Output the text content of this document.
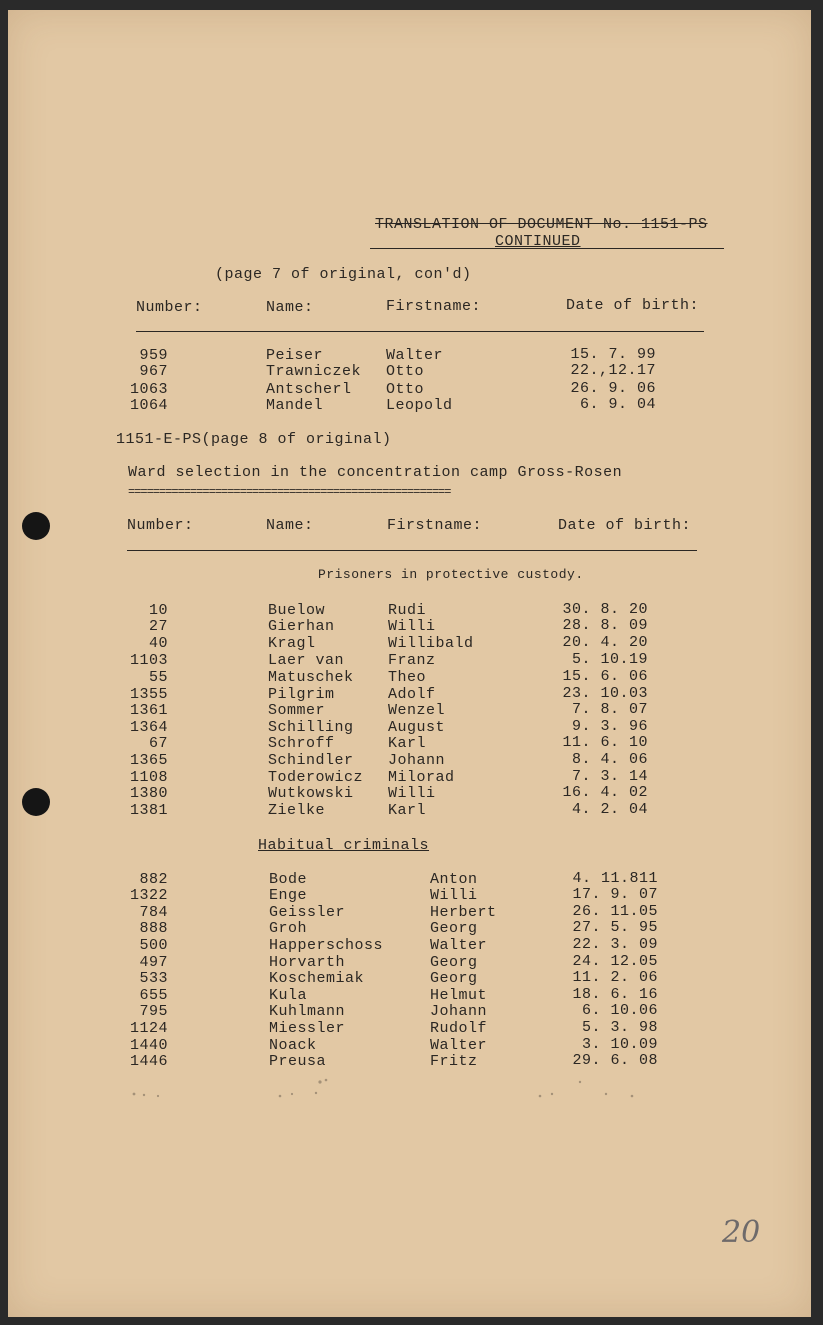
TRANSLATION OF DOCUMENT No. 1151-PS
CONTINUED
(page 7 of original, con'd)
Number:	Name:	Firstname:	Date of birth:
959	Peiser	Walter	15. 7. 99
967	Trawniczek Otto	22.,12.17
1063	Antscherl Otto	26. 9. 06
1064	Mandel	Leopold	6. 9. 04
1151-E-PS(page 8 of original)
Ward selection in the concentration camp Gross-Rosen
====================================================
Number:	Name:	Firstname:	Date of birth:
Prisoners in protective custody.
10	Buelow	Rudi	30. 8. 20
27	Gierhan	Willi	28. 8. 09
40	Kragl	Willibald	20. 4. 20
1103	Laer van	Franz	5. 10.19
55	Matuschek Theo	15. 6. 06
1355	Pilgrim	Adolf	23. 10.03
1361	Sommer	Wenzel	7. 8. 07
1364	Schilling August	9. 3. 96
67	Schroff	Karl	11. 6. 10
1365	Schindler Johann	8. 4. 06
1108	Toderowicz Milorad	7. 3. 14
1380	Wutkowski Willi	16. 4. 02
1381	Zielke	Karl	4. 2. 04
Habitual criminals
882	Bode	Anton	4. 11.811
1322	Enge	Willi	17. 9. 07
784	Geissler	Herbert	26. 11.05
888	Groh	Georg	27. 5. 95
500	Happerschoss	Walter	22. 3. 09
497	Horvarth	Georg	24. 12.05
533	Koschemiak	Georg	11. 2. 06
655	Kula	Helmut	18. 6. 16
795	Kuhlmann	Johann	6. 10.06
1124	Miessler	Rudolf	5. 3. 98
1440	Noack	Walter	3. 10.09
1446	Preusa	Fritz	29. 6. 08
20
